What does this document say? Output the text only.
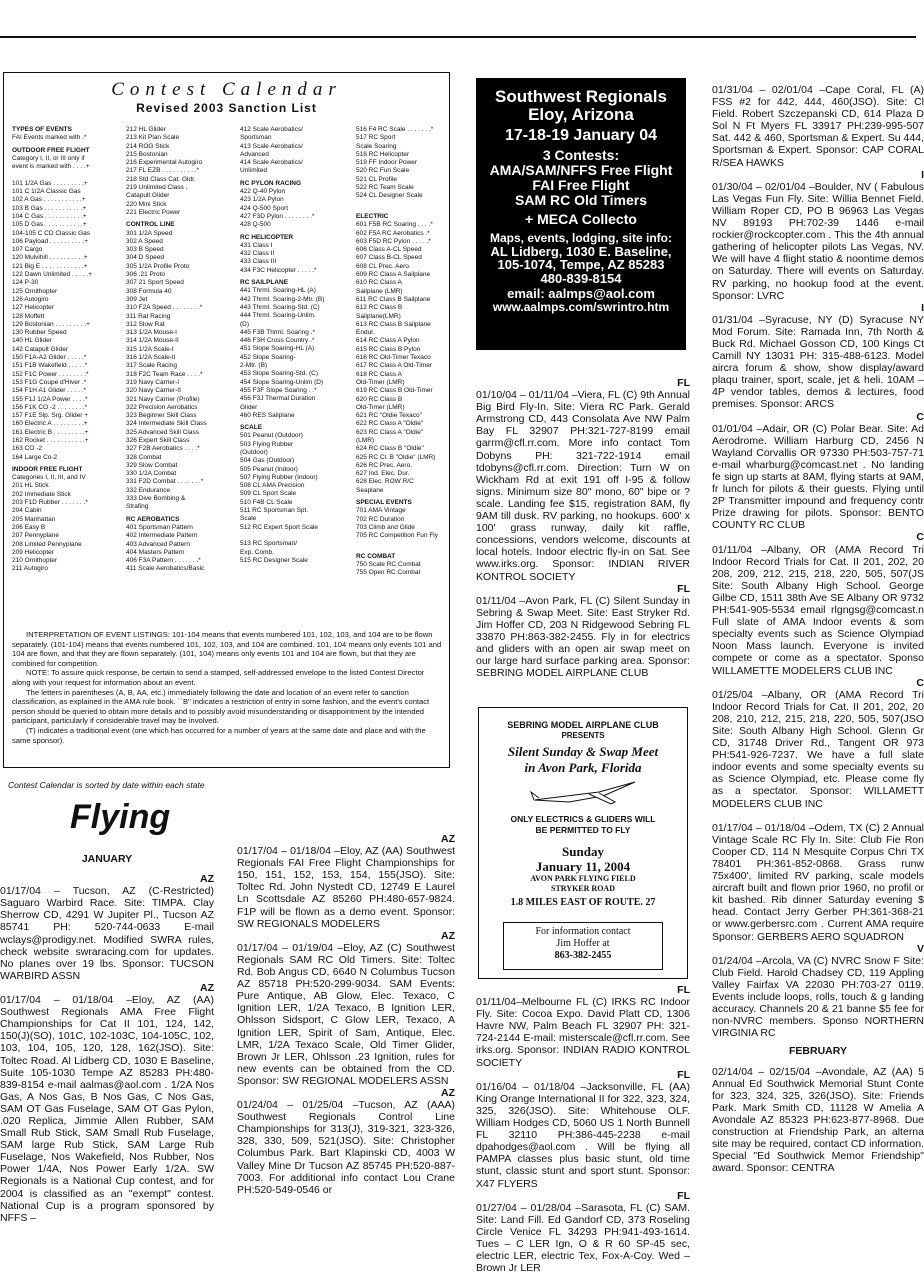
Contest Calendar
Revised 2003 Sanction List
TYPES OF EVENTS
FAI Events marked with .*
OUTDOOR FREE FLIGHT
Category I, II, or III only if
event is marked with . . . .+

101 1/2A Gas . . . . . . . . .+
101 C 1/2A Classic Gas
102 A Gas . . . . . . . . . . .+
103 B Gas . . . . . . . . . . .+
104 C Gas . . . . . . . . . . .+
105 D Gas . . . . . . . . . . .+
104-105 C CD Classic Gas
106 Payload . . . . . . . . . .+
107 Cargo
120 Mulvihill . . . . . . . . . .+
121 Big E . . . . . . . . . . . .+
122 Dawn Unlimited . . . . .+
124 P-30
125 Ornithopter
126 Autogiro
127 Helicopter
128 Moffett
129 Bostonian . . . . . . . . .+
130 Rubber Speed
140 HL Glider
142 Catapult Glider
150 F1A-A2 Glider . . . . .*
151 F1B Wakefield . . . . .*
152 F1C Power . . . . . . . .*
153 F1G Coupe d'Hiver .*
154 F1H A1 Glider . . . . .*
155 F1J 1/2A Power . . . .*
156 F1K CO -2 . . . . . . . .*
157 F1E Slp. Srg. Glider +
160 Electric A . . . . . . . . .+
161 Electric B . . . . . . . . .+
162 Rocket . . . . . . . . . . .+
163 CO -2
164 Large Co-2
INDOOR FREE FLIGHT
Categories I, II, III, and IV
201 HL Stick
202 Immediate Stick
203 F1D Rubber . . . . . . .*
204 Cabin
205 Manhattan
206 Easy B
207 Pennyplane
208 Limited Pennyplane
209 Helicopter
210 Ornithopter
211 Autogiro
212 HL Glider
213 Kit Plan Scale
214 ROG Stick
215 Bostonian
216 Experimental Autogiro
217 FL EZB . . . . . . . . . .*
218 Std Class Cat. Gldr.
219 Unlimited Class .
Catapult Glider
220 Mini Stick
221 Electric Power
CONTROL LINE
301 1/2A Speed
302 A Speed
303 B Speed
304 D Speed
305 1/2A Profile Proto
306 .21 Proto
307 21 Sport Speed
308 Formula 40
309 Jet
310 F2A Speed . . . . . . . .*
311 Rat Racing
312 Slow Rat
313 1/2A Mouse-I
314 1/2A Mouse-II
315 1/2A Scale-I
316 1/2A Scale-II
317 Scale Racing
318 F2C Team Race . . . .*
319 Navy Carrier-I
320 Navy Carrier-II
321 Navy Carrier (Profile)
322 Precision Aerobatics
323 Beginner Skill Class
324 Intermediate Skill Class
325 Advanced Skill Class
326 Expert Skill Class
327 F2B Aerobatics . . . .*
328 Combat
329 Slow Combat
330 1/2A Combat
331 F2D Combat . . . . . . .*
332 Endurance
333 Dive Bombing &
Strafing
RC AEROBATICS
401 Sportsman Pattern
402 Intermediate Pattern
403 Advanced Pattern
404 Masters Pattern
406 F3A Pattern . . . . . . .*
411 Scale Aerobatics/Basic
412 Scale Aerobatics/
Sportsman
413 Scale Aerobatics/
Advanced
414 Scale Aerobatics/
Unlimited
RC PYLON RACING
422 Q-40 Pylon
423 1/2A Pylon
424 Q-500 Sport
427 F3D Pylon . . . . . . . .*
428 Q-500
RC HELICOPTER
431 Class I
432 Class II
433 Class III
434 F3C Helicopter . . . . .*
RC SAILPLANE
441 Thrml. Soaring-HL (A)
442 Thrml. Soaring-2-Mtr. (B)
443 Thrml. Soaring-Std. (C)
444 Thrml. Soaring-Unlim.
(D)
445 F3B Thrml. Soaring .*
446 F3H Cross Country .*
451 Slope Soaring-HL (A)
452 Slope Soaring-
2-Mtr. (B)
453 Slope Soaring-Std. (C)
454 Slope Soaring-Unlim (D)
455 F3F Slope Soaring . .*
456 F3J Thermal Duration
Glider
460 RES Sailplane
SCALE
501 Peanut (Outdoor)
503 Flying Rubber
(Outdoor)
504 Gas (Outdoor)
505 Peanut (Indoor)
507 Flying Rubber (Indoor)
508 CL AMA Precision
509 CL Sport Scale
510 F4B CL Scale
511 RC Sportsman Spt.
Scale
512 RC Expert Sport Scale

513 RC Sportsman/
Exp. Comb.
515 RC Designer Scale
516 F4 RC Scale . . . . . . .*
517 RC Sport
Scale Soaring
518 RC Helicopter
519 FF Indoor Power
520 RC Fun Scale
521 CL Profile
522 RC Team Scale
524 CL Designer Scale

ELECTRIC
601 F5B RC Soaring . . . .*
602 F5A RC Aerobatics .*
603 F5D RC Pylon . . . . .*
606 Class A-CL Speed
607 Class B-CL Speed
608 CL Prec. Aero.
609 RC Class A Sailplane
610 RC Class A
Sailplane (LMR)
611 RC Class B Sailplane
612 RC Class B
Sailplane(LMR)
613 RC Class B Sailplane
Endur.
614 RC Class A Pylon
615 RC Class B Pylon
616 RC Old-Timer Texaco
617 RC Class A Old-Timer
618 RC Class A
Old-Timer (LMR)
619 RC Class B Old-Timer
620 RC Class B
Old-Timer (LMR)
621 RC "Oldie Texaco"
622 RC Class A "Oldie"
623 RC Class A "Oldie"
(LMR)
624 RC Class B "Oldie"
625 RC Cl. B "Oldie" (LMR)
626 RC Prec. Aero.
627 Ind. Elec. Dur.
628 Elec. ROW R/C
Seaplane
SPECIAL EVENTS
701 AMA Vintage
702 RC Duration
703 Climb and Glide
705 RC Competition Fun Fly

RC COMBAT
750 Scale RC Combat
755 Open RC Combat

INTERPRETATION OF EVENT LISTINGS: 101-104 means that events numbered 101, 102, 103, and 104 are to be flown separately. (101-104) means that events numbered 101, 102, 103, and 104 are combined. 101, 104 means only events 101 and 104 are flown, and that they are flown separately. (101, 104) means only events 101 and 104 are flown, but that they are combined for competition.

NOTE: To assure quick response, be certain to send a stamped, self-addressed envelope to the listed Contest Director along with your request for information about an event.

The letters in parentheses (A, B, AA, etc.) immediately following the date and location of an event refer to sanction classification, as explained in the AMA rule book. ``B'' indicates a restriction of entry in some fashion, and the event's contact person should be queried to obtain more details and to possibly avoid misunderstanding or disappointment by the intended participant, particularly if considerable travel may be involved.

(T) indicates a traditional event (one which has occurred for a number of years at the same date and place and with the same sponsor).

Contest Calendar is sorted by date within each state
Flying
Southwest Regionals
Eloy, Arizona
17-18-19 January 04
3 Contests:
AMA/SAM/NFFS Free Flight
FAI Free Flight
SAM RC Old Timers
+ MECA Collecto
Maps, events, lodging, site info:
AL Lidberg, 1030 E. Baseline,
105-1074, Tempe, AZ 85283
480-839-8154
email: aalmps@aol.com
www.aalmps.com/swrintro.htm
SEBRING MODEL AIRPLANE CLUB
PRESENTS
Silent Sunday & Swap Meet
in Avon Park, Florida
ONLY ELECTRICS & GLIDERS WILL
BE PERMITTED TO FLY
Sunday
January 11, 2004
AVON PARK FLYING FIELD
STRYKER ROAD
1.8 MILES EAST OF ROUTE. 27
For information contact
Jim Hoffer at
863-382-2455
JANUARY
AZ
01/17/04 – Tucson, AZ (C-Restricted) Saguaro Warbird Race. Site: TIMPA. Clay Sherrow CD, 4291 W Jupiter Pl., Tucson AZ 85741 PH: 520-744-0633 E-mail wclays@prodigy.net. Modified SWRA rules, check website swraracing.com for updates. No planes over 19 lbs. Sponsor: TUCSON WARBIRD ASSN
AZ
01/17/04 – 01/18/04 –Eloy, AZ (AA) Southwest Regionals AMA Free Flight Championships for Cat II 101, 124, 142, 150(J)(SO), 101C, 102-103C, 104-105C, 102, 103, 104, 105, 120, 128, 162(JSO). Site: Toltec Road. Al Lidberg CD, 1030 E Baseline, Suite 105-1030 Tempe AZ 85283 PH:480-839-8154 e-mail aalmas@aol.com . 1/2A Nos Gas, A Nos Gas, B Nos Gas, C Nos Gas, SAM OT Gas Fuselage, SAM OT Gas Pylon, .020 Replica, Jimmie Allen Rubber, SAM Small Rub Stick, SAM Small Rub Fuselage, SAM large Rub Stick, SAM Large Rub Fuselage, Nos Wakefield, Nos Rubber, Nos Power 1/4A, Nos Power Early 1/2A. SW Regionals is a National Cup contest, and for 2004 is classified as an "exempt" contest. National Cup is a program sponsored by NFFS –
AZ
01/17/04 – 01/18/04 –Eloy, AZ (AA) Southwest Regionals FAI Free Flight Championships for 150, 151, 152, 153, 154, 155(JSO). Site: Toltec Rd. John Nystedt CD, 12749 E Laurel Ln Scottsdale AZ 85260 PH:480-657-9824. F1P will be flown as a demo event. Sponsor: SW REGIONALS MODELERS
AZ
01/17/04 – 01/19/04 –Eloy, AZ (C) Southwest Regionals SAM RC Old Timers. Site: Toltec Rd. Bob Angus CD, 6640 N Columbus Tucson AZ 85718 PH:520-299-9034. SAM Events: Pure Antique, AB Glow, Elec. Texaco, C Ignition LER, 1/2A Texaco, B Ignition LER, Ohlsson Sidsport, C Glow LER, Texaco, A Ignition LER, Spirit of Sam, Antique, Elec. LMR, 1/2A Texaco Scale, Old Timer Glider, Brown Jr LER, Ohlsson .23 Ignition, rules for new events can be obtained from the CD. Sponsor: SW REGIONAL MODELERS ASSN
AZ
01/24/04 – 01/25/04 –Tucson, AZ (AAA) Southwest Regionals Control Line Championships for 313(J), 319-321, 323-326, 328, 330, 509, 521(JSO). Site: Christopher Columbus Park. Bart Klapinski CD, 4003 W Valley Mine Dr Tucson AZ 85745 PH:520-887-7003. For additional info contact Lou Crane PH:520-549-0546 or
FL
01/10/04 – 01/11/04 –Viera, FL (C) 9th Annual Big Bird Fly-In. Site: Viera RC Park. Gerald Armstrong CD, 443 Consolata Ave NW Palm Bay FL 32907 PH:321-727-8199 email garrm@cfl.rr.com. More info contact Tom Dobyns PH: 321-722-1914 email tdobyns@cfl.rr.com. Direction: Turn W on Wickham Rd at exit 191 off I-95 & follow signs. Minimum size 80" mono, 60" bipe or ? scale. Landing fee $15, registration 8AM, fly 9AM till dusk. RV parking, no hookups. 600' x 100' grass runway, daily kit raffle, concessions, vendors welcome, discounts at local hotels. Indoor electric fly-in on Sat. See www.irks.org. Sponsor: INDIAN RIVER KONTROL SOCIETY
FL
01/11/04 –Avon Park, FL (C) Silent Sunday in Sebring & Swap Meet. Site: East Stryker Rd. Jim Hoffer CD, 203 N Ridgewood Sebring FL 33870 PH:863-382-2455. Fly in for electrics and gliders with an open air swap meet on our large hard surface parking area. Sponsor: SEBRING MODEL AIRPLANE CLUB
FL
01/11/04–Melbourne FL (C) IRKS RC Indoor Fly. Site: Cocoa Expo. David Platt CD, 1306 Havre NW, Palm Beach FL 32907 PH: 321-724-2144 E-mail: misterscale@cfl.rr.com. See irks.org. Sponsor: INDIAN RADIO KONTROL SOCIETY
FL
01/16/04 – 01/18/04 –Jacksonville, FL (AA) King Orange International II for 322, 323, 324, 325, 326(JSO). Site: Whitehouse OLF. William Hodges CD, 5060 US 1 North Bunnell FL 32110 PH:386-445-2238 e-mail dpahodges@aol.com . Will be flying all PAMPA classes plus basic stunt, old time stunt, classic stunt and sport stunt. Sponsor: X47 FLYERS
FL
01/27/04 – 01/28/04 –Sarasota, FL (C) SAM. Site: Land Fill. Ed Gandorf CD, 373 Roseling Circle Venice FL 34293 PH:941-493-1614. Tues – C LER Ign, O & R 60 SP-45 sec, electric LER, electric Tex, Fox-A-Coy. Wed – Brown Jr LER
01/31/04 – 02/01/04 –Cape Coral, FL (A) FSS #2 for 442, 444, 460(JSO). Site: Cl Field. Robert Szczepanski CD, 614 Plaza D Sol N Ft Myers FL 33917 PH:239-995-507 Sat. 442 & 460, Sportsman & Expert. Su 444, Sportsman & Expert. Sponsor: CAP CORAL R/SEA HAWKS
I
01/30/04 – 02/01/04 –Boulder, NV ( Fabulous Las Vegas Fun Fly. Site: Willia Bennet Field. William Roper CD, PO B 96963 Las Vegas NV 89193 PH:702-39 1446 e-mail rockier@rockcopter.com . This the 4th annual gathering of helicopter pilots Las Vegas, NV. We will have 4 flight statio & noontime demos on Saturday. There will events on Saturday. RV parking, no hookup food at the event. Sponsor: LVRC
I
01/31/04 –Syracuse, NY (D) Syracuse NY Mod Forum. Site: Ramada Inn, 7th North & Buck Rd. Michael Gosson CD, 100 Kings Ct Camill NY 13031 PH: 315-488-6123. Model aircra forum & show, show display/award plaqu trainer, sport, scale, jet & heli. 10AM – 4P vendor tables, demos & lectures, food premises. Sponsor: ARCS
C
01/01/04 –Adair, OR (C) Polar Bear. Site: Ad Aerodrome. William Harburg CD, 2456 N Wayland Corvallis OR 97330 PH:503-757-71 e-mail wharburg@comcast.net . No landing fe sign up starts at 8AM, flying starts at 9AM, fr lunch for pilots & their guests. Flying until 2P Transmitter impound and frequency contr Prize drawing for pilots. Sponsor: BENTO COUNTY RC CLUB
C
01/11/04 –Albany, OR (AMA Record Tri Indoor Record Trials for Cat. II 201, 202, 20 208, 209, 212, 215, 218, 220, 505, 507(JS Site: South Albany High School. George Gilbe CD, 1511 38th Ave SE Albany OR 9732 PH:541-905-5534 email rlgngsg@comcast.n Full slate of AMA Indoor events & som specialty events such as Science Olympiad Noon Mass launch. Everyone is invited compete or come as a spectator. Sponso WILLAMETTE MODELERS CLUB INC
C
01/25/04 –Albany, OR (AMA Record Tri Indoor Record Trials for Cat. II 201, 202, 20 208, 210, 212, 215, 218, 220, 505, 507(JSO Site: South Albany High School. Glenn Gr CD, 31748 Driver Rd., Tangent OR 973 PH:541-926-7237. We have a full slate indoor events and some specialty events su as Science Olympiad, etc. Please come fly as a spectator. Sponsor: WILLAMETT MODELERS CLUB INC

01/17/04 – 01/18/04 –Odem, TX (C) 2 Annual Vintage Scale RC Fly In. Site: Club Fie Ron Cooper CD, 114 N Mesquite Corpus Chri TX 78401 PH:361-852-0868. Grass runw 75x400', limited RV parking, scale models aircraft built and flown prior 1960, no profil or kit bashed. Rib dinner Saturday evening $ head. Contact Jerry Gerber PH:361-368-21 or www.gerbersrc.com . Current AMA require Sponsor: GERBERS AERO SQUADRON
V
01/24/04 –Arcola, VA (C) NVRC Snow F Site: Club Field. Harold Chadsey CD, 119 Appling Valley Fairfax VA 22030 PH:703-27 0119. Events include loops, rolls, touch & g landing accuracy. Channels 20 & 21 banne $5 fee for non-NVRC members. Sponso NORTHERN VIRGINIA RC
FEBRUARY
02/14/04 – 02/15/04 –Avondale, AZ (AA) 5 Annual Ed Southwick Memorial Stunt Conte for 323, 324, 325, 326(JSO). Site: Friends Park. Mark Smith CD, 11128 W Amelia A Avondale AZ 85323 PH:623-877-8968. Due construction at Friendship Park, an alterna site may be required, contact CD information. Special "Ed Southwick Memor Friendship" award. Sponsor: CENTRA
